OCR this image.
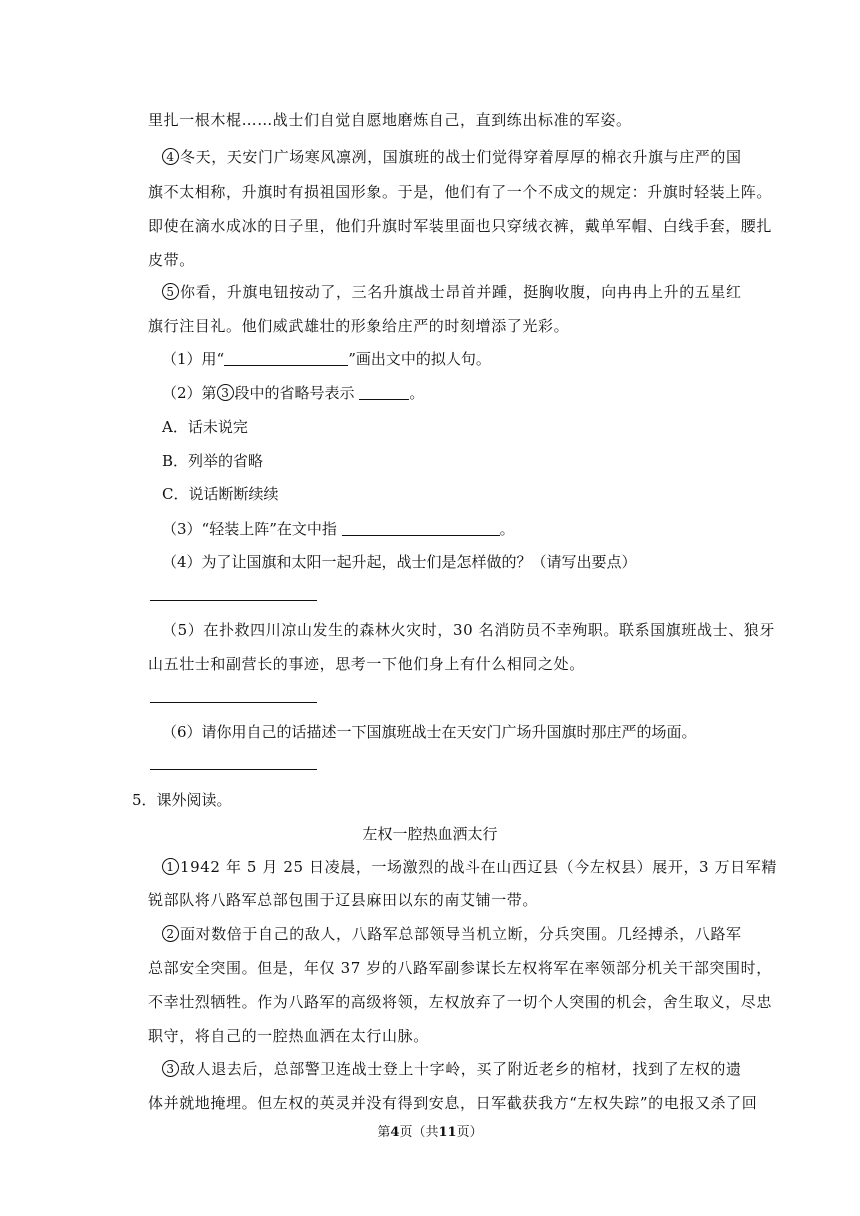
里扎一根木棍……战士们自觉自愿地磨炼自己，直到练出标准的军姿。
4 冬天，天安门广场寒风凛冽，国旗班的战士们觉得穿着厚厚的棉衣升旗与庄严的国
旗不太相称，升旗时有损祖国形象。于是，他们有了一个不成文的规定：升旗时轻装上阵。
即使在滴水成冰的日子里，他们升旗时军装里面也只穿绒衣裤，戴单军帽、白线手套，腰扎
皮带。
5 你看，升旗电钮按动了，三名升旗战士昂首并踵，挺胸收腹，向冉冉上升的五星红
旗行注目礼。他们威武雄壮的形象给庄严的时刻增添了光彩。
（1）用“	”画出文中的拟人句。
（2）第 3 段中的省略号表示	。
A．话未说完
B．列举的省略
C．说话断断续续
（3）“轻装上阵”在文中指	。
（4）为了让国旗和太阳一起升起，战士们是怎样做的？（请写出要点）
（5）在扑救四川凉山发生的森林火灾时，30 名消防员不幸殉职。联系国旗班战士、狼牙
山五壮士和副营长的事迹，思考一下他们身上有什么相同之处。
（6）请你用自己的话描述一下国旗班战士在天安门广场升国旗时那庄严的场面。
5．课外阅读。
左权一腔热血洒太行
1 1942 年 5 月 25 日凌晨，一场激烈的战斗在山西辽县（今左权县）展开，3 万日军精
锐部队将八路军总部包围于辽县麻田以东的南艾铺一带。
2 面对数倍于自己的敌人，八路军总部领导当机立断，分兵突围。几经搏杀，八路军
总部安全突围。但是，年仅 37 岁的八路军副参谋长左权将军在率领部分机关干部突围时，
不幸壮烈牺牲。作为八路军的高级将领，左权放弃了一切个人突围的机会，舍生取义，尽忠
职守，将自己的一腔热血洒在太行山脉。
3 敌人退去后，总部警卫连战士登上十字岭，买了附近老乡的棺材，找到了左权的遗
体并就地掩埋。但左权的英灵并没有得到安息，日军截获我方“左权失踪”的电报又杀了回
第4页（共11页）
